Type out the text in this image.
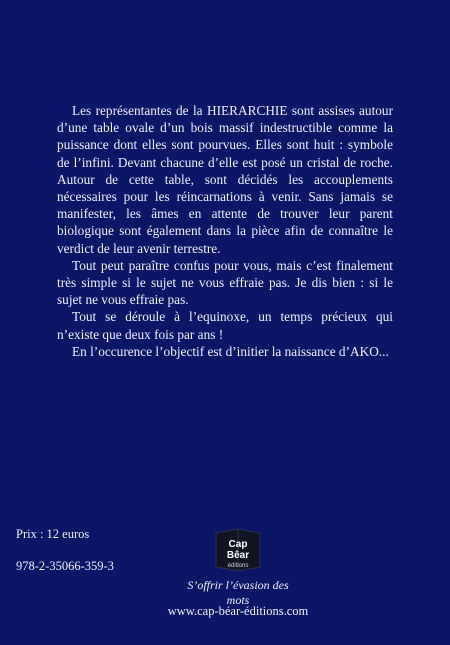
Les représentantes de la HIERARCHIE sont assises autour d’une table ovale d’un bois massif indestructible comme la puissance dont elles sont pourvues. Elles sont huit : symbole de l’infini. Devant chacune d’elle est posé un cristal de roche. Autour de cette table, sont décidés les accouplements nécessaires pour les réincarnations à venir. Sans jamais se manifester, les âmes en attente de trouver leur parent biologique sont également dans la pièce afin de connaître le verdict de leur avenir terrestre.

Tout peut paraître confus pour vous, mais c’est finalement très simple si le sujet ne vous effraie pas. Je dis bien : si le sujet ne vous effraie pas.

Tout se déroule à l’equinoxe, un temps précieux qui n’existe que deux fois par ans !

En l’occurence l’objectif est d’initier la naissance d’AKO...

Prix : 12 euros
978-2-35066-359-3
Cap
Bêar
éditions
S’offrir l’évasion des mots
www.cap-béar-éditions.com
